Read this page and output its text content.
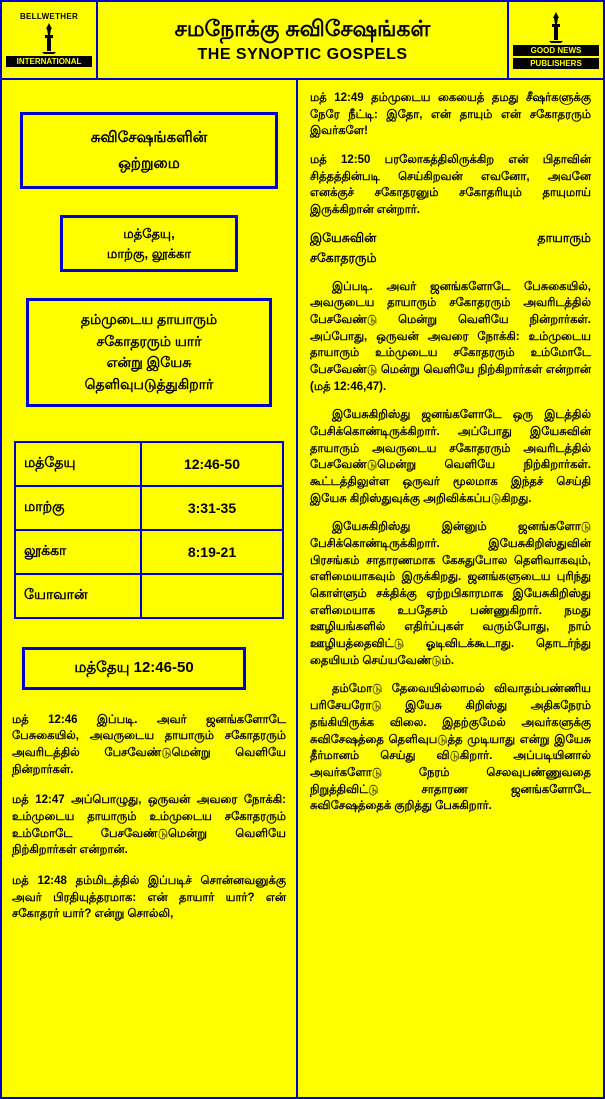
BELLWETHER
INTERNATIONAL
சமநோக்கு சுவிசேஷங்கள்
THE SYNOPTIC GOSPELS	GOOD NEWS
PUBLISHERS
சுவிசேஷங்களின்
ஒற்றுமை
மத்தேயு,
மாற்கு, லூக்கா
தம்முடைய தாயாரும்
சகோதரரும் யார்
என்று இயேசு
தெளிவுபடுத்துகிறார்
மத்தேயு	12:46-50
மாற்கு	3:31-35
லூக்கா	8:19-21
யோவான்	
மத்தேயு 12:46-50

மத் 12:46 இப்படி. அவர் ஜனங்களோடே பேசுகையில், அவருடைய தாயாரும் சகோதரரும் அவரிடத்தில் பேசவேண்டுமென்று வெளியே நின்றார்கள்.

மத் 12:47 அப்பொழுது, ஒருவன் அவரை நோக்கி: உம்முடைய தாயாரும் உம்முடைய சகோதரரும் உம்மோடே பேசவேண்டுமென்று வெளியே நிற்கிறார்கள் என்றான்.

மத் 12:48 தம்மிடத்தில் இப்படிச் சொன்னவனுக்கு அவர் பிரதியுத்தரமாக: என் தாயார் யார்? என் சகோதரர் யார்? என்று சொல்லி,

மத் 12:49 தம்முடைய கையைத் தமது சீஷர்களுக்கு நேரே நீட்டி: இதோ, என் தாயும் என் சகோதரரும் இவர்களே!

மத் 12:50 பரலோகத்திலிருக்கிற என் பிதாவின் சித்தத்தின்படி செய்கிறவன் எவனோ, அவனே எனக்குச் சகோதரனும் சகோதரியும் தாயுமாய் இருக்கிறான் என்றார்.

இயேசுவின்	தாயாரும்
சகோதரரும்

இப்படி. அவர் ஜனங்களோடே பேசுகையில், அவருடைய தாயாரும் சகோதரரும் அவரிடத்தில் பேசவேண்டு மென்று வெளியே நின்றார்கள். அப்போது, ஒருவன் அவரை நோக்கி: உம்முடைய தாயாரும் உம்முடைய சகோதரரும் உம்மோடே பேசவேண்டு மென்று வெளியே நிற்கிறார்கள் என்றான் (மத் 12:46,47).

இயேசுகிறிஸ்து ஜனங்களோடே ஒரு இடத்தில் பேசிக்கொண்டிருக்கிறார். அப்போது இயேசுவின் தாயாரும் அவருடைய சகோதரரும் அவரிடத்தில் பேசவேண்டுமென்று வெளியே நிற்கிறார்கள். கூட்டத்திலுள்ள ஒருவர் மூலமாக இந்தச் செய்தி இயேசு கிறிஸ்துவுக்கு அறிவிக்கப்படுகிறது.

இயேசுகிறிஸ்து இன்னும் ஜனங்களோடு பேசிக்கொண்டிருக்கிறார். இயேசுகிறிஸ்துவின் பிரசங்கம் சாதாரணமாக கேசுதுபோல தெளிவாகவும், எளிமையாகவும் இருக்கிறது. ஜனங்களுடைய புரிந்து கொள்ளும் சக்திக்கு ஏற்றபிகாரமாக இயேசுகிறிஸ்து எளிமையாக உபதேசம் பண்ணுகிறார். நமது ஊழியங்களில் எதிர்ப்புகள் வரும்போது, நாம் ஊழியத்தைவிட்டு ஓடிவிடக்கூடாது. தொடர்ந்து தையியம் செய்யவேண்டும்.

தம்மோடு தேவையில்லாமல் விவாதம்பண்ணிய பரிசேயரோடு இயேசு கிறிஸ்து அதிகநேரம் தங்கியிருக்க விலை. இதற்குமேல் அவர்களுக்கு சுவிசேஷத்தை தெளிவுபடுத்த முடியாது என்று இயேசு தீர்மானம் செய்து விடுகிறார். அப்படியினால் அவர்களோடு நேரம் செலவுபண்ணுவதை நிறுத்திவிட்டு சாதாரண ஜனங்களோடே சுவிசேஷத்தைக் குறித்து பேசுகிறார்.
